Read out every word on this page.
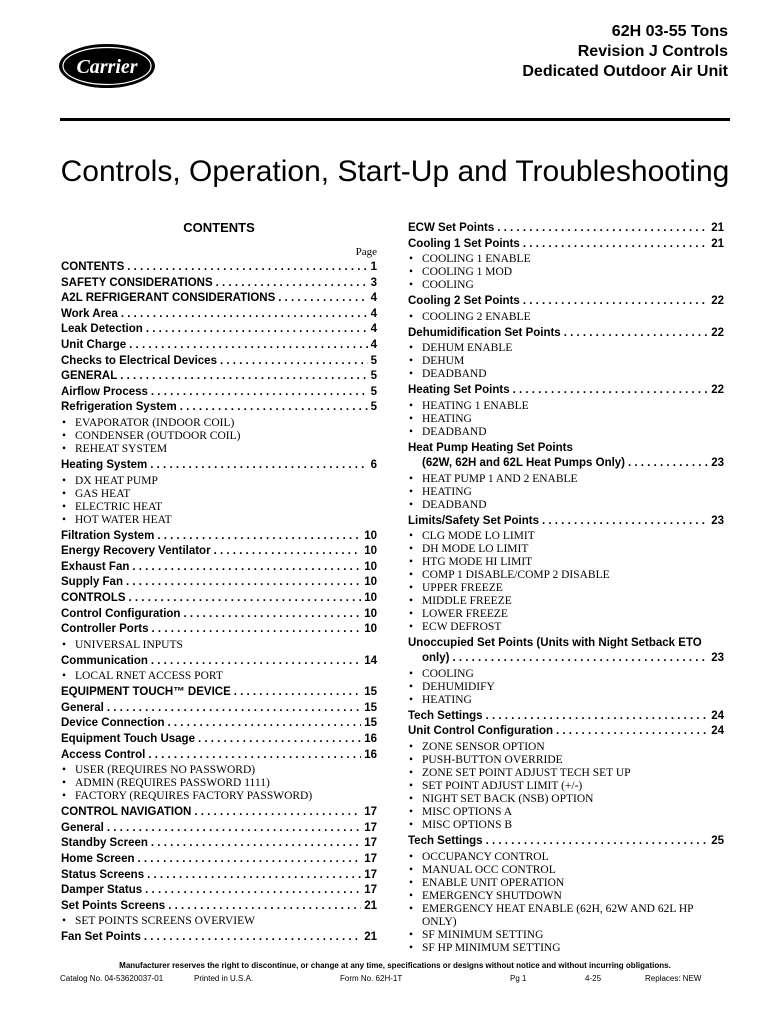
Carrier
62H 03-55 Tons
Revision J Controls
Dedicated Outdoor Air Unit
Controls, Operation, Start-Up and Troubleshooting
CONTENTS
Page
CONTENTS . . .	1
SAFETY CONSIDERATIONS . . .	3
A2L REFRIGERANT CONSIDERATIONS . . .	4
Work Area . . .	4
Leak Detection . . .	4
Unit Charge . . .	4
Checks to Electrical Devices . . .	5
GENERAL . . .	5
Airflow Process . . .	5
Refrigeration System . . .	5
• EVAPORATOR (INDOOR COIL)
• CONDENSER (OUTDOOR COIL)
• REHEAT SYSTEM
Heating System . . .	6
• DX HEAT PUMP
• GAS HEAT
• ELECTRIC HEAT
• HOT WATER HEAT
Filtration System . . .	10
Energy Recovery Ventilator . . .	10
Exhaust Fan . . .	10
Supply Fan . . .	10
CONTROLS . . .	10
Control Configuration . . .	10
Controller Ports . . .	10
• UNIVERSAL INPUTS
Communication . . .	14
• LOCAL RNET ACCESS PORT
EQUIPMENT TOUCH™ DEVICE . . .	15
General . . .	15
Device Connection . . .	15
Equipment Touch Usage . . .	16
Access Control . . .	16
• USER (REQUIRES NO PASSWORD)
• ADMIN (REQUIRES PASSWORD 1111)
• FACTORY (REQUIRES FACTORY PASSWORD)
CONTROL NAVIGATION . . .	17
General . . .	17
Standby Screen . . .	17
Home Screen . . .	17
Status Screens . . .	17
Damper Status . . .	17
Set Points Screens . . .	21
• SET POINTS SCREENS OVERVIEW
Fan Set Points . . .	21
ECW Set Points . . .	21
Cooling 1 Set Points . . .	21
• COOLING 1 ENABLE
• COOLING 1 MOD
• COOLING
Cooling 2 Set Points . . .	22
• COOLING 2 ENABLE
Dehumidification Set Points . . .	22
• DEHUM ENABLE
• DEHUM
• DEADBAND
Heating Set Points . . .	22
• HEATING 1 ENABLE
• HEATING
• DEADBAND
Heat Pump Heating Set Points
(62W, 62H and 62L Heat Pumps Only) . . .	23
• HEAT PUMP 1 AND 2 ENABLE
• HEATING
• DEADBAND
Limits/Safety Set Points . . .	23
• CLG MODE LO LIMIT
• DH MODE LO LIMIT
• HTG MODE HI LIMIT
• COMP 1 DISABLE/COMP 2 DISABLE
• UPPER FREEZE
• MIDDLE FREEZE
• LOWER FREEZE
• ECW DEFROST
Unoccupied Set Points (Units with Night Setback ETO
only) . . .	23
• COOLING
• DEHUMIDIFY
• HEATING
Tech Settings . . .	24
Unit Control Configuration . . .	24
• ZONE SENSOR OPTION
• PUSH-BUTTON OVERRIDE
• ZONE SET POINT ADJUST TECH SET UP
• SET POINT ADJUST LIMIT (+/-)
• NIGHT SET BACK (NSB) OPTION
• MISC OPTIONS A
• MISC OPTIONS B
Tech Settings . . .	25
• OCCUPANCY CONTROL
• MANUAL OCC CONTROL
• ENABLE UNIT OPERATION
• EMERGENCY SHUTDOWN
• EMERGENCY HEAT ENABLE (62H, 62W AND 62L HP ONLY)
• SF MINIMUM SETTING
• SF HP MINIMUM SETTING
Manufacturer reserves the right to discontinue, or change at any time, specifications or designs without notice and without incurring obligations.
Catalog No. 04-53620037-01	Printed in U.S.A.	Form No. 62H-1T	Pg 1	4-25	Replaces: NEW
